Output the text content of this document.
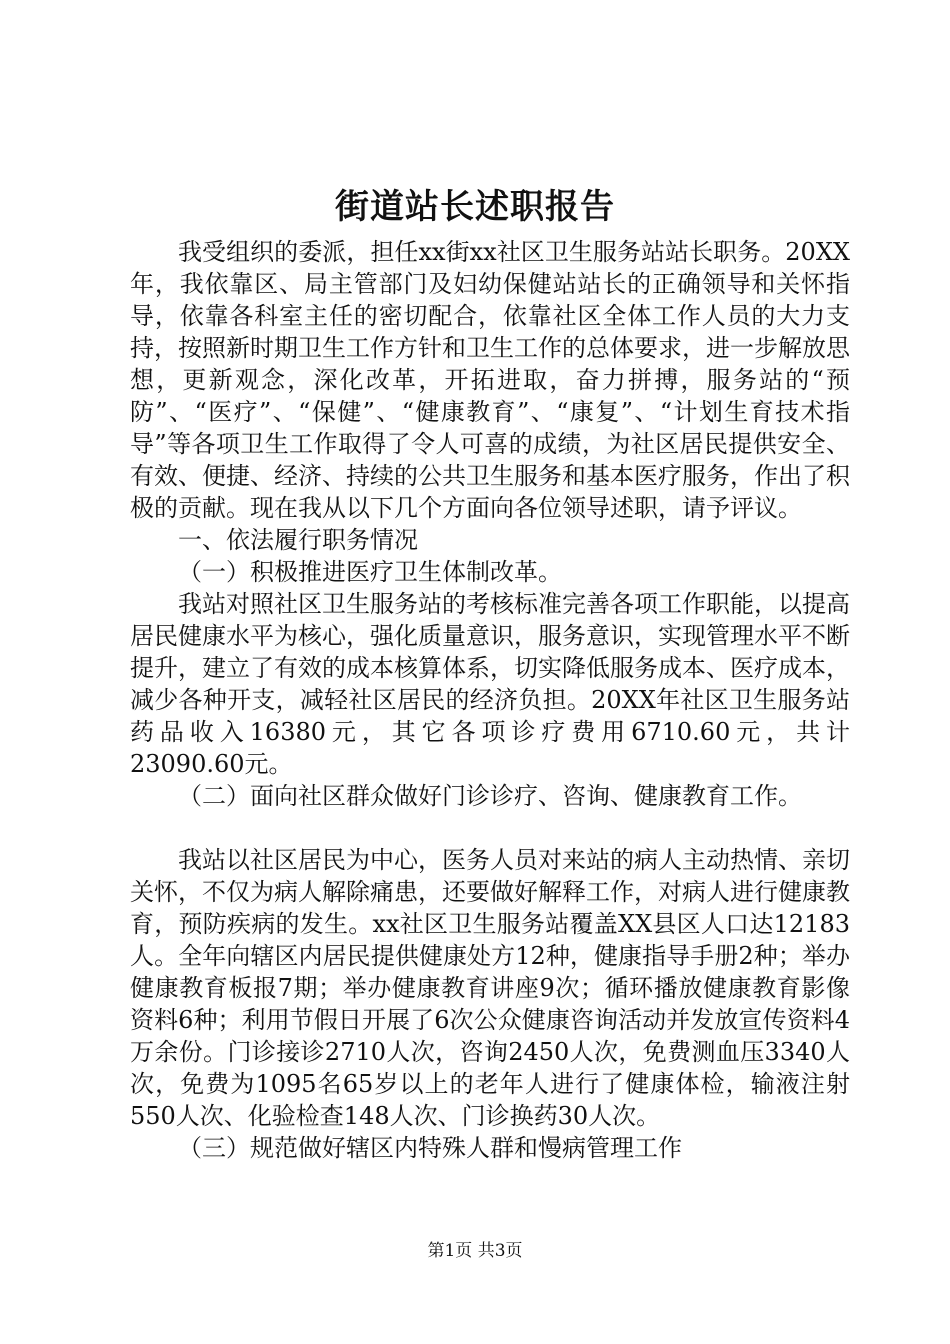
街道站长述职报告

我受组织的委派，担任xx街xx社区卫生服务站站长职务。20XX年，我依靠区、局主管部门及妇幼保健站站长的正确领导和关怀指导，依靠各科室主任的密切配合，依靠社区全体工作人员的大力支持，按照新时期卫生工作方针和卫生工作的总体要求，进一步解放思想，更新观念，深化改革，开拓进取，奋力拼搏，服务站的“预防”、“医疗”、“保健”、“健康教育”、“康复”、“计划生育技术指导”等各项卫生工作取得了令人可喜的成绩，为社区居民提供安全、有效、便捷、经济、持续的公共卫生服务和基本医疗服务，作出了积极的贡献。现在我从以下几个方面向各位领导述职，请予评议。

一、依法履行职务情况

（一）积极推进医疗卫生体制改革。

我站对照社区卫生服务站的考核标准完善各项工作职能，以提高居民健康水平为核心，强化质量意识，服务意识，实现管理水平不断提升，建立了有效的成本核算体系，切实降低服务成本、医疗成本，减少各种开支，减轻社区居民的经济负担。20XX年社区卫生服务站药品收入16380元，其它各项诊疗费用6710.60元，共计23090.60元。

（二）面向社区群众做好门诊诊疗、咨询、健康教育工作。

我站以社区居民为中心，医务人员对来站的病人主动热情、亲切关怀，不仅为病人解除痛患，还要做好解释工作，对病人进行健康教育，预防疾病的发生。xx社区卫生服务站覆盖XX县区人口达12183人。全年向辖区内居民提供健康处方12种，健康指导手册2种；举办健康教育板报7期；举办健康教育讲座9次；循环播放健康教育影像资料6种；利用节假日开展了6次公众健康咨询活动并发放宣传资料4万余份。门诊接诊2710人次，咨询2450人次，免费测血压3340人次，免费为1095名65岁以上的老年人进行了健康体检，输液注射550人次、化验检查148人次、门诊换药30人次。

（三）规范做好辖区内特殊人群和慢病管理工作

第1页 共3页
